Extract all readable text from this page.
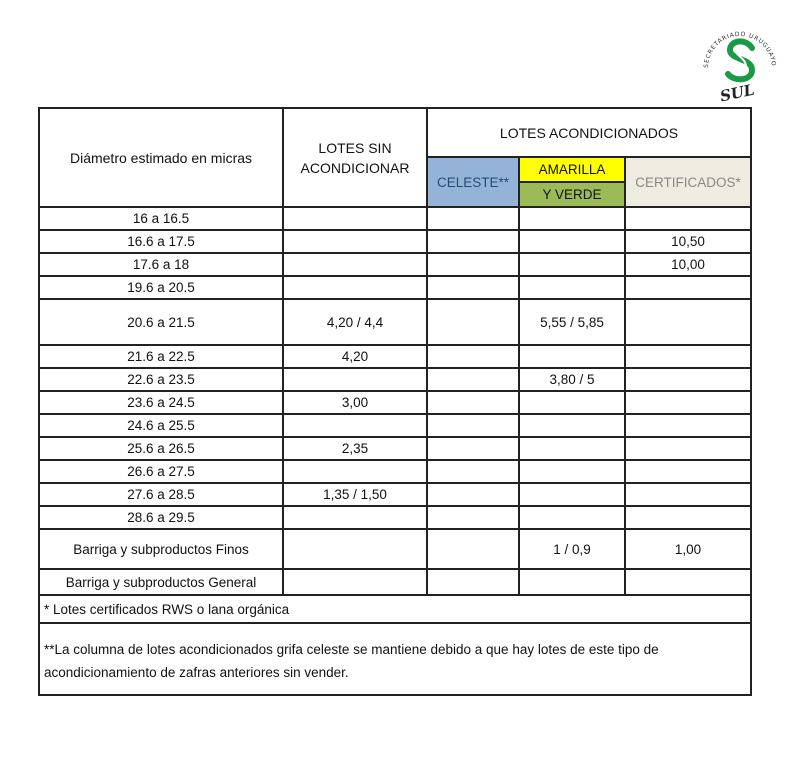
SECRETARIADO URUGUAYO
SUL
Diámetro estimado en micras	LOTES SIN ACONDICIONAR	LOTES ACONDICIONADOS		
		CELESTE**	AMARILLA	CERTIFICADOS*
			Y VERDE	
16 a 16.5				
16.6 a 17.5				10,50
17.6 a 18				10,00
19.6 a 20.5				
20.6 a 21.5	4,20 / 4,4		5,55 / 5,85	
21.6 a 22.5	4,20			
22.6 a 23.5			3,80 / 5	
23.6 a 24.5	3,00			
24.6 a 25.5				
25.6 a 26.5	2,35			
26.6 a 27.5				
27.6 a 28.5	1,35 / 1,50			
28.6 a 29.5				
Barriga y subproductos Finos			1 / 0,9	1,00
Barriga y subproductos General				
* Lotes certificados RWS o lana orgánica				
**La columna de lotes acondicionados grifa celeste se mantiene debido a que hay lotes de este tipo de acondicionamiento de zafras anteriores sin vender.				
